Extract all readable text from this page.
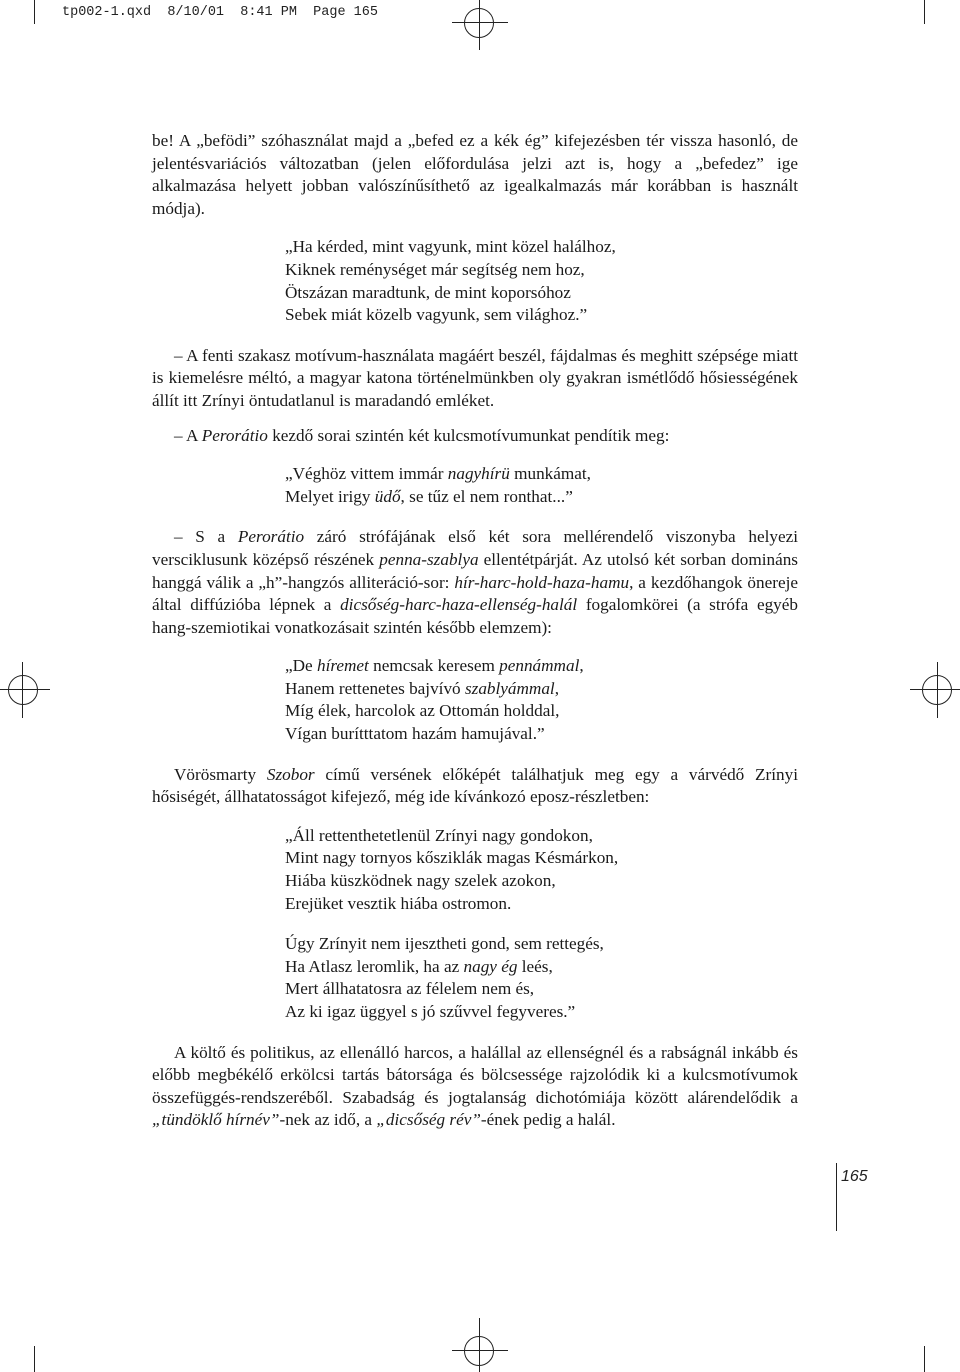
tp002-1.qxd  8/10/01  8:41 PM  Page 165

be! A „befödi” szóhasználat majd a „befed ez a kék ég” kifejezésben tér vissza hasonló, de jelentésvariációs változatban (jelen előfordulása jelzi azt is, hogy a „befedez” ige alkalmazása helyett jobban valószínűsíthető az igealkalmazás már korábban is használt módja).

„Ha kérded, mint vagyunk, mint közel halálhoz,
Kiknek reménységet már segítség nem hoz,
Ötszázan maradtunk, de mint koporsóhoz
Sebek miát közelb vagyunk, sem világhoz.”

– A fenti szakasz motívum-használata magáért beszél, fájdalmas és meghitt szépsége miatt is kiemelésre méltó, a magyar katona történelmünkben oly gyakran ismétlődő hősiességének állít itt Zrínyi öntudatlanul is maradandó emléket.

– A Perorátio kezdő sorai szintén két kulcsmotívumunkat pendítik meg:

„Véghöz vittem immár nagyhírü munkámat,
Melyet irigy üdő, se tűz el nem ronthat...”

– S a Perorátio záró strófájának első két sora mellérendelő viszonyba helyezi versciklusunk középső részének penna-szablya ellentétpárját. Az utolsó két sorban domináns hanggá válik a „h”-hangzós alliteráció-sor: hír-harc-hold-haza-hamu, a kezdőhangok önereje által diffúzióba lépnek a dicsőség-harc-haza-ellenség-halál fogalomkörei (a strófa egyéb hang-szemiotikai vonatkozásait szintén később elemzem):

„De híremet nemcsak keresem pennámmal,
Hanem rettenetes bajvívó szablyámmal,
Míg élek, harcolok az Ottomán holddal,
Vígan burítttatom hazám hamujával.”

Vörösmarty Szobor című versének előképét találhatjuk meg egy a várvédő Zrínyi hősiségét, állhatatosságot kifejező, még ide kívánkozó eposz-részletben:

„Áll rettenthetetlenül Zrínyi nagy gondokon,
Mint nagy tornyos kősziklák magas Késmárkon,
Hiába küszködnek nagy szelek azokon,
Erejüket vesztik hiába ostromon.
Úgy Zrínyit nem ijesztheti gond, sem rettegés,
Ha Atlasz leromlik, ha az nagy ég leés,
Mert állhatatosra az félelem nem és,
Az ki igaz üggyel s jó szűvvel fegyveres.”

A költő és politikus, az ellenálló harcos, a halállal az ellenségnél és a rabságnál inkább és előbb megbékélő erkölcsi tartás bátorsága és bölcsessége rajzolódik ki a kulcsmotívumok összefüggés-rendszeréből. Szabadság és jogtalanság dichotómiája között alárendelődik a „tündöklő hírnév”-nek az idő, a „dicsőség rév”-ének pedig a halál.

165
